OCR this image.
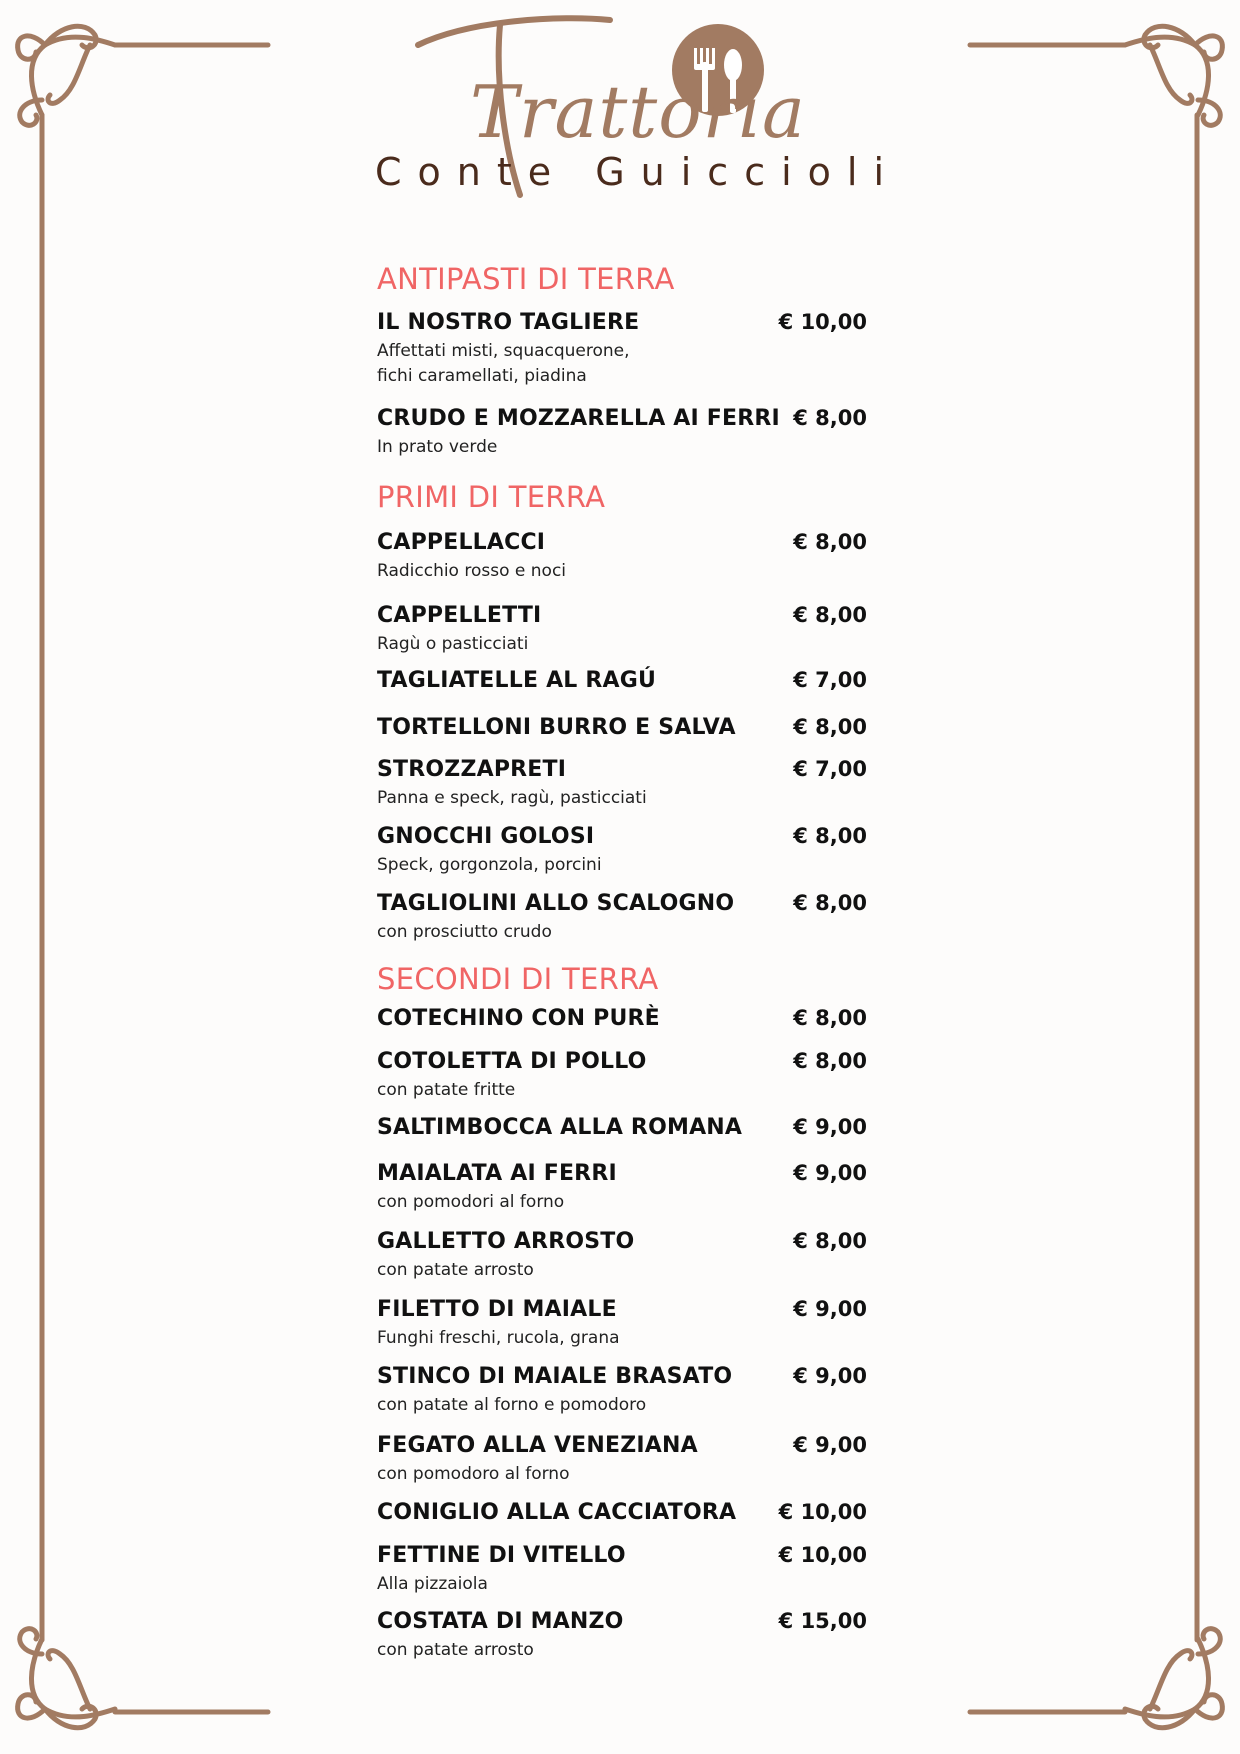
Trattoria
Conte Guiccioli
ANTIPASTI DI TERRA
IL NOSTRO TAGLIERE	€ 10,00
Affettati misti, squacquerone,
fichi caramellati, piadina
CRUDO E MOZZARELLA AI FERRI € 8,00
In prato verde
PRIMI DI TERRA
CAPPELLACCI	€ 8,00
Radicchio rosso e noci
CAPPELLETTI	€ 8,00
Ragù o pasticciati
TAGLIATELLE AL RAGÚ	€ 7,00
TORTELLONI BURRO E SALVA	€ 8,00
STROZZAPRETI	€ 7,00
Panna e speck, ragù, pasticciati
GNOCCHI GOLOSI	€ 8,00
Speck, gorgonzola, porcini
TAGLIOLINI ALLO SCALOGNO	€ 8,00
con prosciutto crudo
SECONDI DI TERRA
COTECHINO CON PURÈ	€ 8,00
COTOLETTA DI POLLO	€ 8,00
con patate fritte
SALTIMBOCCA ALLA ROMANA	€ 9,00
MAIALATA AI FERRI	€ 9,00
con pomodori al forno
GALLETTO ARROSTO	€ 8,00
con patate arrosto
FILETTO DI MAIALE	€ 9,00
Funghi freschi, rucola, grana
STINCO DI MAIALE BRASATO	€ 9,00
con patate al forno e pomodoro
FEGATO ALLA VENEZIANA	€ 9,00
con pomodoro al forno
CONIGLIO ALLA CACCIATORA	€ 10,00
FETTINE DI VITELLO	€ 10,00
Alla pizzaiola
COSTATA DI MANZO	€ 15,00
con patate arrosto
